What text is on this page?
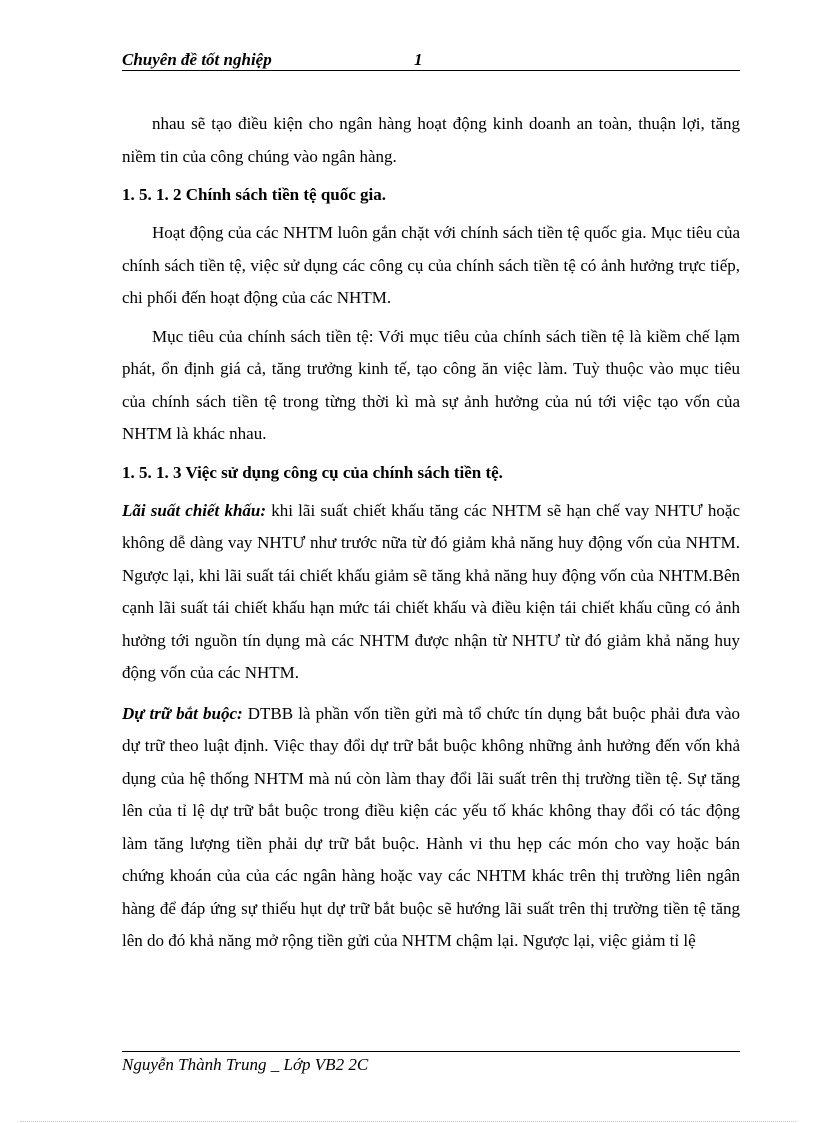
Chuyên đề tốt nghiệp	1

nhau sẽ tạo điều kiện cho ngân hàng hoạt động kinh doanh an toàn, thuận lợi, tăng niềm tin của công chúng vào ngân hàng.

1. 5. 1. 2 Chính sách tiền tệ quốc gia.

Hoạt động của các NHTM luôn gắn chặt với chính sách tiền tệ quốc gia. Mục tiêu của chính sách tiền tệ, việc sử dụng các công cụ của chính sách tiền tệ có ảnh hưởng trực tiếp, chi phối đến hoạt động của các NHTM.

Mục tiêu của chính sách tiền tệ: Với mục tiêu của chính sách tiền tệ là kiềm chế lạm phát, ổn định giá cả, tăng trưởng kinh tế, tạo công ăn việc làm. Tuỳ thuộc vào mục tiêu của chính sách tiền tệ trong từng thời kì mà sự ảnh hưởng của nú tới việc tạo vốn của NHTM là khác nhau.

1. 5. 1. 3 Việc sử dụng công cụ của chính sách tiền tệ.

Lãi suất chiết khấu: khi lãi suất chiết khấu tăng các NHTM sẽ hạn chế vay NHTƯ hoặc không dễ dàng vay NHTƯ như trước nữa từ đó giảm khả năng huy động vốn của NHTM. Ngược lại, khi lãi suất tái chiết khấu giảm sẽ tăng khả năng huy động vốn của NHTM.Bên cạnh lãi suất tái chiết khấu hạn mức tái chiết khấu và điều kiện tái chiết khấu cũng có ảnh hưởng tới nguồn tín dụng mà các NHTM được nhận từ NHTƯ từ đó giảm khả năng huy động vốn của các NHTM.

Dự trữ bắt buộc: DTBB là phần vốn tiền gửi mà tổ chức tín dụng bắt buộc phải đưa vào dự trữ theo luật định. Việc thay đổi dự trữ bắt buộc không những ảnh hưởng đến vốn khả dụng của hệ thống NHTM mà nú còn làm thay đổi lãi suất trên thị trường tiền tệ. Sự tăng lên của tỉ lệ dự trữ bắt buộc trong điều kiện các yếu tố khác không thay đổi có tác động làm tăng lượng tiền phải dự trữ bắt buộc. Hành vi thu hẹp các món cho vay hoặc bán chứng khoán của của các ngân hàng hoặc vay các NHTM khác trên thị trường liên ngân hàng để đáp ứng sự thiếu hụt dự trữ bắt buộc sẽ hướng lãi suất trên thị trường tiền tệ tăng lên do đó khả năng mở rộng tiền gửi của NHTM chậm lại. Ngược lại, việc giảm tỉ lệ

Nguyễn Thành Trung _ Lớp VB2 2C
